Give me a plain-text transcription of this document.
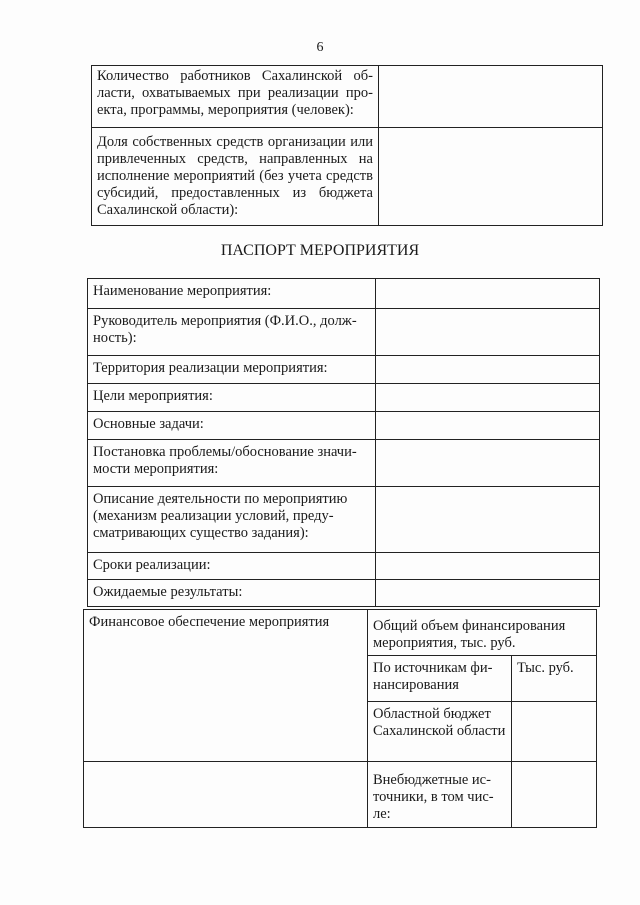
6
Количество работников Сахалинской области, охватываемых при реализации проекта, программы, мероприятия (человек):	
Доля собственных средств организации или привлеченных средств, направленных на исполнение мероприятий (без учета средств субсидий, предоставленных из бюджета Сахалинской области):	
ПАСПОРТ МЕРОПРИЯТИЯ
Наименование мероприятия:	
Руководитель мероприятия (Ф.И.О., должность):	
Территория реализации мероприятия:	
Цели мероприятия:	
Основные задачи:	
Постановка проблемы/обоснование значимости мероприятия:	
Описание деятельности по мероприятию (механизм реализации условий, предусматривающих существо задания):	
Сроки реализации:	
Ожидаемые результаты:	
Финансовое обеспечение мероприятия	Общий объем финансирования мероприятия, тыс. руб.	
	По источникам финансирования	Тыс. руб.
	Областной бюджет Сахалинской области	
	Внебюджетные источники, в том числе:	
